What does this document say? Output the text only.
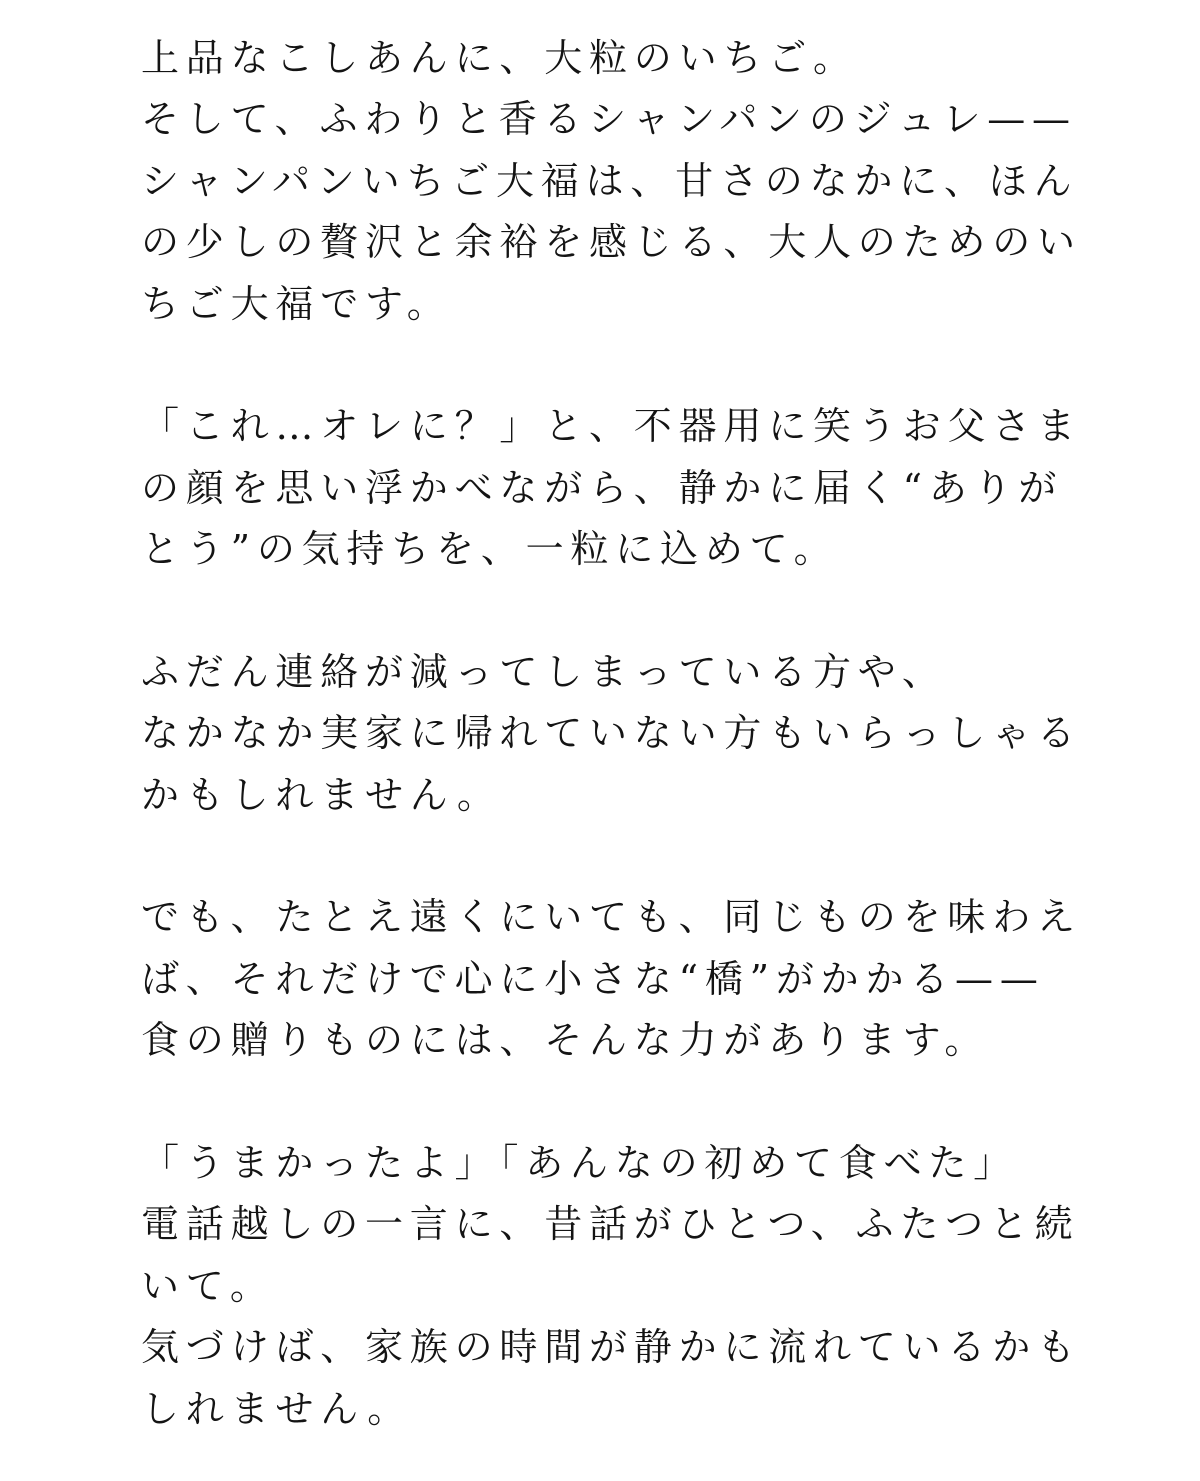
上品なこしあんに、大粒のいちご。
そして、ふわりと香るシャンパンのジュレ——
シャンパンいちご大福は、甘さのなかに、ほん
の少しの贅沢と余裕を感じる、大人のためのい
ちご大福です。
「これ…オレに？」と、不器用に笑うお父さま
の顔を思い浮かべながら、静かに届く“ありが
とう”の気持ちを、一粒に込めて。
ふだん連絡が減ってしまっている方や、
なかなか実家に帰れていない方もいらっしゃる
かもしれません。
でも、たとえ遠くにいても、同じものを味わえ
ば、それだけで心に小さな“橋”がかかる——
食の贈りものには、そんな力があります。
「うまかったよ」「あんなの初めて食べた」
電話越しの一言に、昔話がひとつ、ふたつと続
いて。
気づけば、家族の時間が静かに流れているかも
しれません。
